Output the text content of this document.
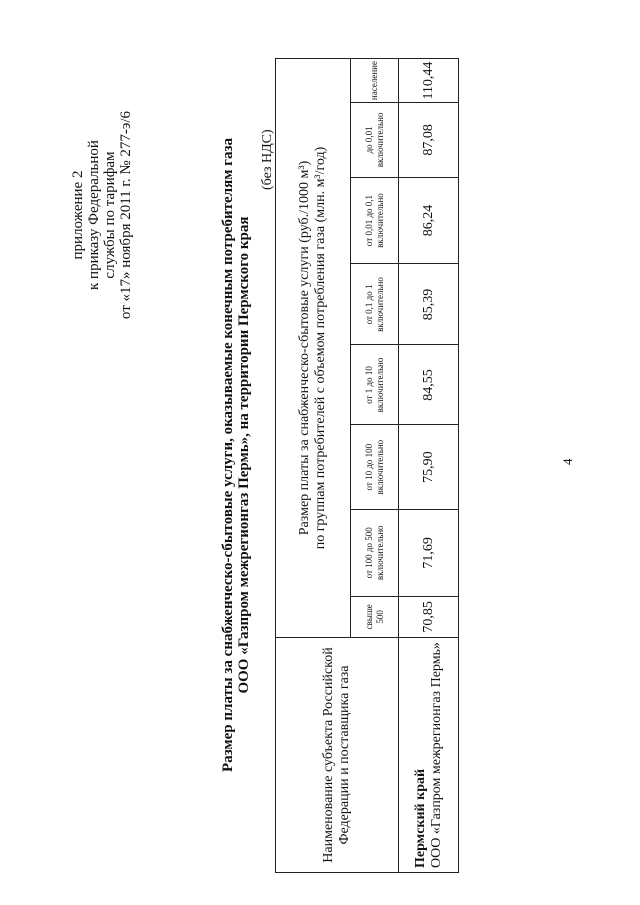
приложение 2 к приказу Федеральной службы по тарифам от «17» ноября 2011 г. № 277-э/6	Размер платы за снабженческо-сбытовые услуги, оказываемые конечным потребителям газа ООО «Газпром межрегионгаз Пермь», на территории Пермского края
(без НДС)
Наименование субъекта Российской Федерации и поставщика газа	Размер платы за снабженческо-сбытовые услуги (руб./1000 м³) по группам потребителей с объемом потребления газа (млн. м³/год)							

	свыше 500	от 100 до 500 включительно	от 10 до 100 включительно	от 1 до 10 включительно	от 0,1 до 1 включительно	от 0,01 до 0,1 включительно	до 0,01 включительно	население

Пермский край ООО «Газпром межрегионгаз Пермь»	70,85	71,69	75,90	84,55	85,39	86,24	87,08	110,44
4
